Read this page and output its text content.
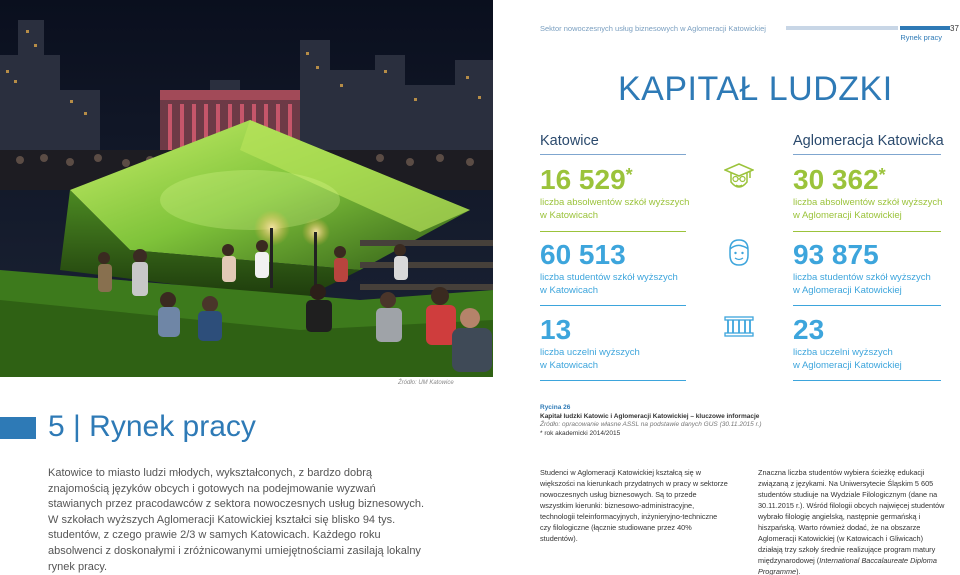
Źródło: UM Katowice
Sektor nowoczesnych usług biznesowych w Aglomeracji Katowickiej
Rynek pracy
37
KAPITAŁ LUDZKI
Katowice	Aglomeracja Katowicka
16 529*
liczba absolwentów szkół wyższych
w Katowicach
30 362*
liczba absolwentów szkół wyższych
w Aglomeracji Katowickiej
60 513
liczba studentów szkół wyższych
w Katowicach
93 875
liczba studentów szkół wyższych
w Aglomeracji Katowickiej
13
liczba uczelni wyższych
w Katowicach
23
liczba uczelni wyższych
w Aglomeracji Katowickiej
5 | Rynek pracy
Rycina 26
Kapitał ludzki Katowic i Aglomeracji Katowickiej – kluczowe informacje
Źródło: opracowanie własne ASSL na podstawie danych GUS (30.11.2015 r.)
* rok akademicki 2014/2015
Katowice to miasto ludzi młodych, wykształconych, z bardzo dobrą znajomością języków obcych i gotowych na podejmowanie wyzwań stawianych przez pracodawców z sektora nowoczesnych usług biznesowych. W szkołach wyższych Aglomeracji Katowickiej kształci się blisko 94 tys. studentów, z czego prawie 2/3 w samych Katowicach. Każdego roku absolwenci z doskonałymi i zróżnicowanymi umiejętnościami zasilają lokalny rynek pracy.
Studenci w Aglomeracji Katowickiej kształcą się w większości na kierunkach przydatnych w pracy w sektorze nowoczesnych usług biznesowych. Są to przede wszystkim kierunki: biznesowo-administracyjne, technologii teleinformacyjnych, inżynieryjno-techniczne czy filologiczne (łącznie studiowane przez 40% studentów).
Znaczna liczba studentów wybiera ścieżkę edukacji związaną z językami. Na Uniwersytecie Śląskim 5 605 studentów studiuje na Wydziale Filologicznym (dane na 30.11.2015 r.). Wśród filologii obcych najwięcej studentów wybrało filologię angielską, następnie germańską i hiszpańską. Warto również dodać, że na obszarze Aglomeracji Katowickiej (w Katowicach i Gliwicach) działają trzy szkoły średnie realizujące program matury międzynarodowej (International Baccalaureate Diploma Programme).
